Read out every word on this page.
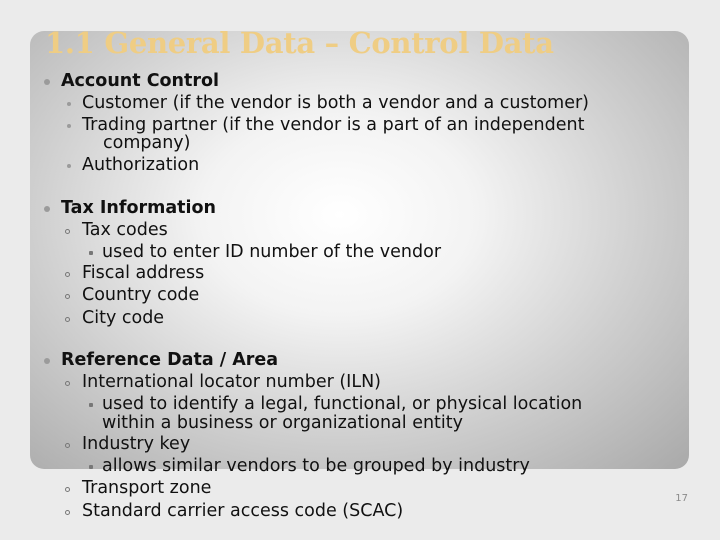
1.1 General Data – Control Data
Account Control
Customer (if the vendor is both a vendor and a customer)
Trading partner (if the vendor is a part of an independent
company)
Authorization
Tax Information
Tax codes
used to enter ID number of the vendor
Fiscal address
Country code
City code
Reference Data / Area
International locator number (ILN)
used to identify a legal, functional, or physical location
within a business or organizational entity
Industry key
allows similar vendors to be grouped by industry
Transport zone
Standard carrier access code (SCAC)
17
